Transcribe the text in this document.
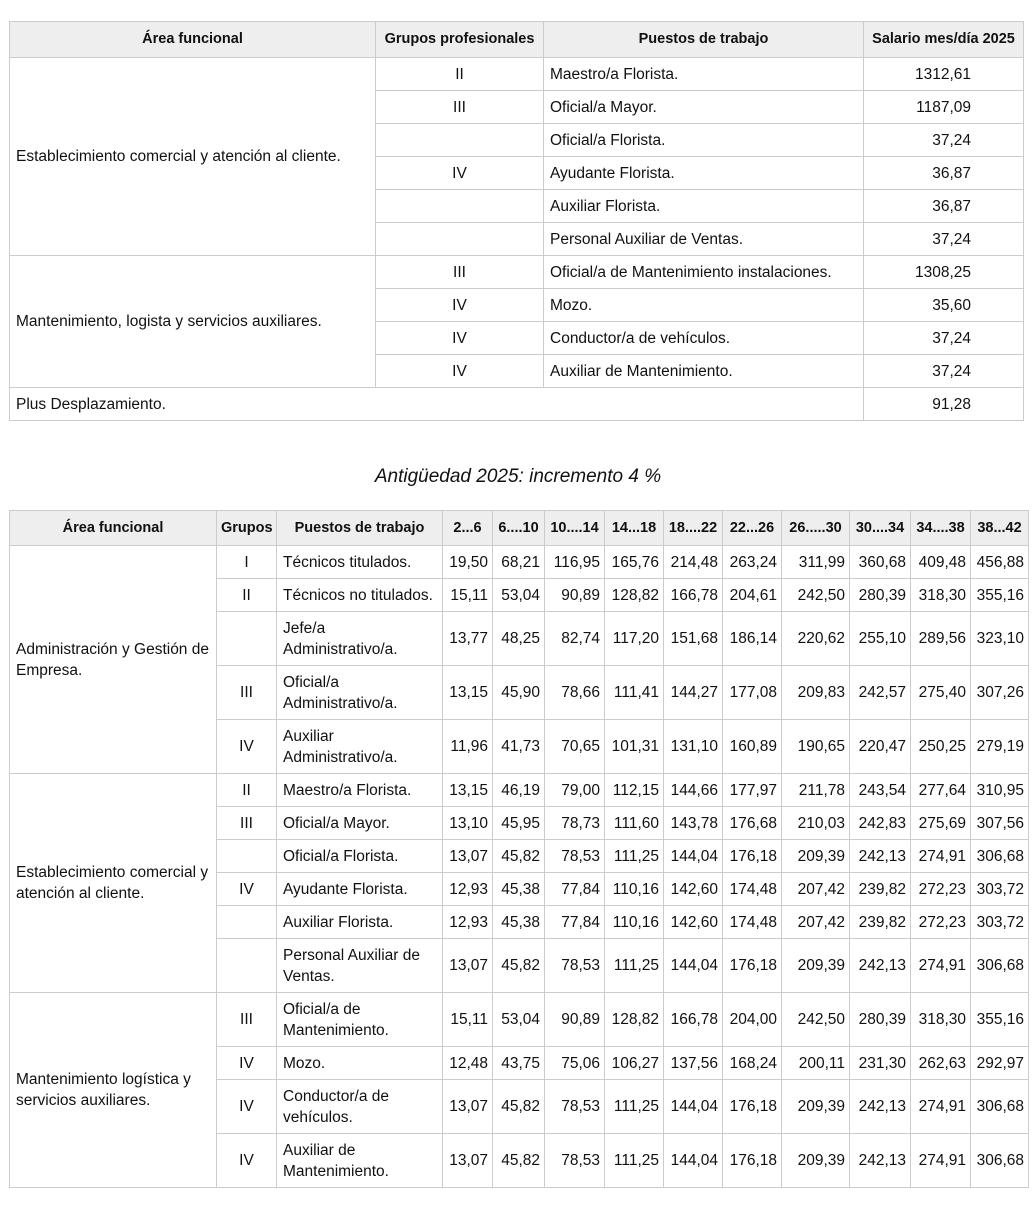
Área funcional	Grupos profesionales	Puestos de trabajo	Salario mes/día 2025
Establecimiento comercial y atención al cliente.	II	Maestro/a Florista.	1312,61
	III	Oficial/a Mayor.	1187,09
		Oficial/a Florista.	37,24
	IV	Ayudante Florista.	36,87
		Auxiliar Florista.	36,87
		Personal Auxiliar de Ventas.	37,24
Mantenimiento, logista y servicios auxiliares.	III	Oficial/a de Mantenimiento instalaciones.	1308,25
	IV	Mozo.	35,60
	IV	Conductor/a de vehículos.	37,24
	IV	Auxiliar de Mantenimiento.	37,24
Plus Desplazamiento.			91,28
Antigüedad 2025: incremento 4 %
Área funcional	Grupos	Puestos de trabajo	2...6	6....10	10....14	14...18	18....22	22...26	26.....30	30....34	34....38	38...42
Administración y Gestión de Empresa.	I	Técnicos titulados.	19,50	68,21	116,95	165,76	214,48	263,24	311,99	360,68	409,48	456,88
	II	Técnicos no titulados.	15,11	53,04	90,89	128,82	166,78	204,61	242,50	280,39	318,30	355,16
		Jefe/a Administrativo/a.	13,77	48,25	82,74	117,20	151,68	186,14	220,62	255,10	289,56	323,10
	III	Oficial/a Administrativo/a.	13,15	45,90	78,66	111,41	144,27	177,08	209,83	242,57	275,40	307,26
	IV	Auxiliar Administrativo/a.	11,96	41,73	70,65	101,31	131,10	160,89	190,65	220,47	250,25	279,19
Establecimiento comercial y atención al cliente.	II	Maestro/a Florista.	13,15	46,19	79,00	112,15	144,66	177,97	211,78	243,54	277,64	310,95
	III	Oficial/a Mayor.	13,10	45,95	78,73	111,60	143,78	176,68	210,03	242,83	275,69	307,56
		Oficial/a Florista.	13,07	45,82	78,53	111,25	144,04	176,18	209,39	242,13	274,91	306,68
	IV	Ayudante Florista.	12,93	45,38	77,84	110,16	142,60	174,48	207,42	239,82	272,23	303,72
		Auxiliar Florista.	12,93	45,38	77,84	110,16	142,60	174,48	207,42	239,82	272,23	303,72
		Personal Auxiliar de Ventas.	13,07	45,82	78,53	111,25	144,04	176,18	209,39	242,13	274,91	306,68
Mantenimiento logística y servicios auxiliares.	III	Oficial/a de Mantenimiento.	15,11	53,04	90,89	128,82	166,78	204,00	242,50	280,39	318,30	355,16
	IV	Mozo.	12,48	43,75	75,06	106,27	137,56	168,24	200,11	231,30	262,63	292,97
	IV	Conductor/a de vehículos.	13,07	45,82	78,53	111,25	144,04	176,18	209,39	242,13	274,91	306,68
	IV	Auxiliar de Mantenimiento.	13,07	45,82	78,53	111,25	144,04	176,18	209,39	242,13	274,91	306,68
